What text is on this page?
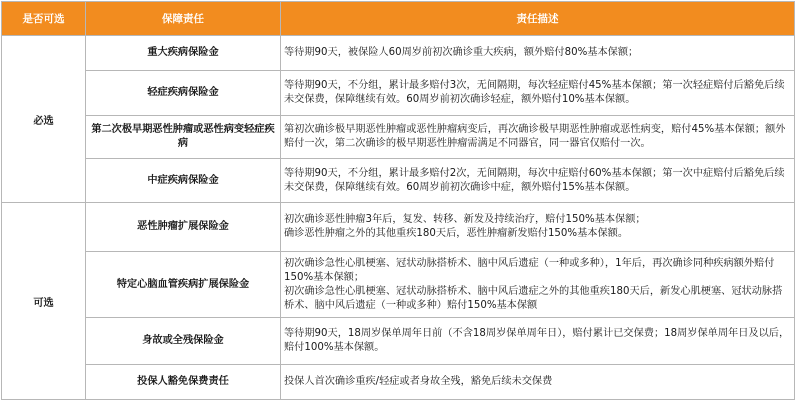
是否可选	保障责任	责任描述
必选	重大疾病保险金	等待期90天，被保险人60周岁前初次确诊重大疾病，额外赔付80%基本保额；

	轻症疾病保险金	等待期90天，不分组，累计最多赔付3次，无间隔期，每次轻症赔付45%基本保额；第一次轻症赔付后豁免后续未交保费，保障继续有效。60周岁前初次确诊轻症，额外赔付10%基本保额。

	第二次极早期恶性肿瘤或恶性病变轻症疾病	第初次确诊极早期恶性肿瘤或恶性肿瘤病变后，再次确诊极早期恶性肿瘤或恶性病变，赔付45%基本保额；额外赔付一次，第二次确诊的极早期恶性肿瘤需满足不同器官，同一器官仅赔付一次。

	中症疾病保险金	等待期90天，不分组，累计最多赔付2次，无间隔期，每次中症赔付60%基本保额；第一次中症赔付后豁免后续未交保费，保障继续有效。60周岁前初次确诊中症，额外赔付15%基本保额。

可选	恶性肿瘤扩展保险金	初次确诊恶性肿瘤3年后，复发、转移、新发及持续治疗，赔付150%基本保额；
确诊恶性肿瘤之外的其他重疾180天后，恶性肿瘤新发赔付150%基本保额。

	特定心脑血管疾病扩展保险金	初次确诊急性心肌梗塞、冠状动脉搭桥术、脑中风后遗症（一种或多种），1年后，再次确诊同种疾病额外赔付150%基本保额；
初次确诊急性心肌梗塞、冠状动脉搭桥术、脑中风后遗症之外的其他重疾180天后，新发心肌梗塞、冠状动脉搭桥术、脑中风后遗症（一种或多种）赔付150%基本保额

	身故或全残保险金	等待期90天，18周岁保单周年日前（不含18周岁保单周年日），赔付累计已交保费；18周岁保单周年日及以后，赔付100%基本保额。

	投保人豁免保费责任	投保人首次确诊重疾/轻症或者身故全残，豁免后续未交保费
